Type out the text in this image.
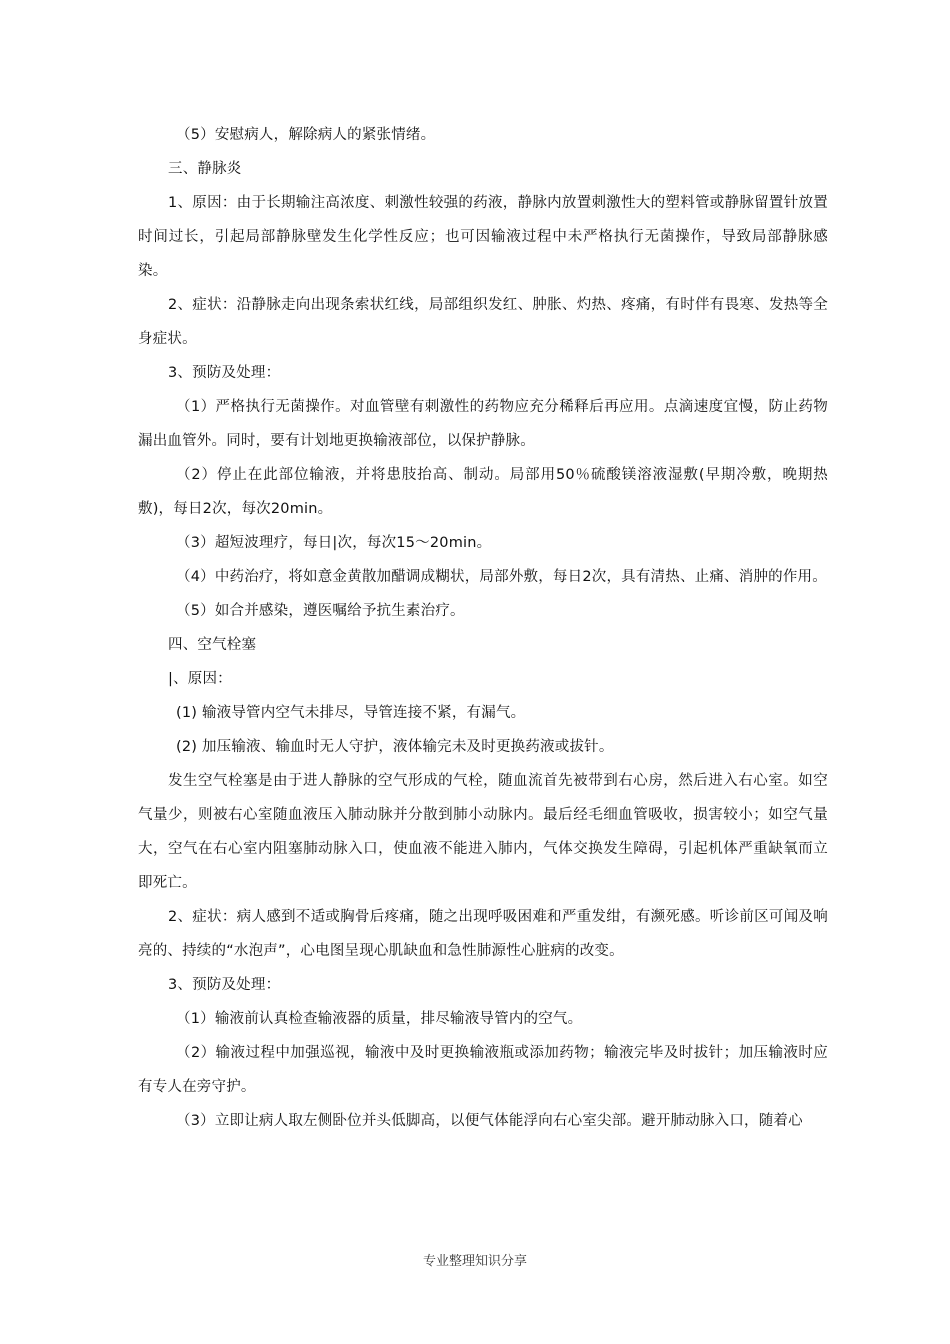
（5）安慰病人，解除病人的紧张情绪。

三、静脉炎

1、原因：由于长期输注高浓度、刺激性较强的药液，静脉内放置刺激性大的塑料管或静脉留置针放置时间过长，引起局部静脉壁发生化学性反应；也可因输液过程中未严格执行无菌操作，导致局部静脉感染。

2、症状：沿静脉走向出现条索状红线，局部组织发红、肿胀、灼热、疼痛，有时伴有畏寒、发热等全身症状。

3、预防及处理：

（1）严格执行无菌操作。对血管壁有刺激性的药物应充分稀释后再应用。点滴速度宜慢，防止药物漏出血管外。同时，要有计划地更换输液部位，以保护静脉。

（2）停止在此部位输液，并将患肢抬高、制动。局部用50％硫酸镁溶液湿敷(早期冷敷，晚期热敷)，每日2次，每次20min。

（3）超短波理疗，每日|次，每次15～20min。

（4）中药治疗，将如意金黄散加醋调成糊状，局部外敷，每日2次，具有清热、止痛、消肿的作用。

（5）如合并感染，遵医嘱给予抗生素治疗。

四、空气栓塞

|、原因：

(1) 输液导管内空气未排尽，导管连接不紧，有漏气。

(2) 加压输液、输血时无人守护，液体输完未及时更换药液或拔针。

发生空气栓塞是由于进人静脉的空气形成的气栓，随血流首先被带到右心房，然后进入右心室。如空气量少，则被右心室随血液压入肺动脉并分散到肺小动脉内。最后经毛细血管吸收，损害较小；如空气量大，空气在右心室内阻塞肺动脉入口，使血液不能进入肺内，气体交换发生障碍，引起机体严重缺氧而立即死亡。

2、症状：病人感到不适或胸骨后疼痛，随之出现呼吸困难和严重发绀，有濒死感。听诊前区可闻及响亮的、持续的“水泡声”，心电图呈现心肌缺血和急性肺源性心脏病的改变。

3、预防及处理：

（1）输液前认真检查输液器的质量，排尽输液导管内的空气。

（2）输液过程中加强巡视，输液中及时更换输液瓶或添加药物；输液完毕及时拔针；加压输液时应有专人在旁守护。

（3）立即让病人取左侧卧位并头低脚高，以便气体能浮向右心室尖部。避开肺动脉入口，随着心

专业整理知识分享
